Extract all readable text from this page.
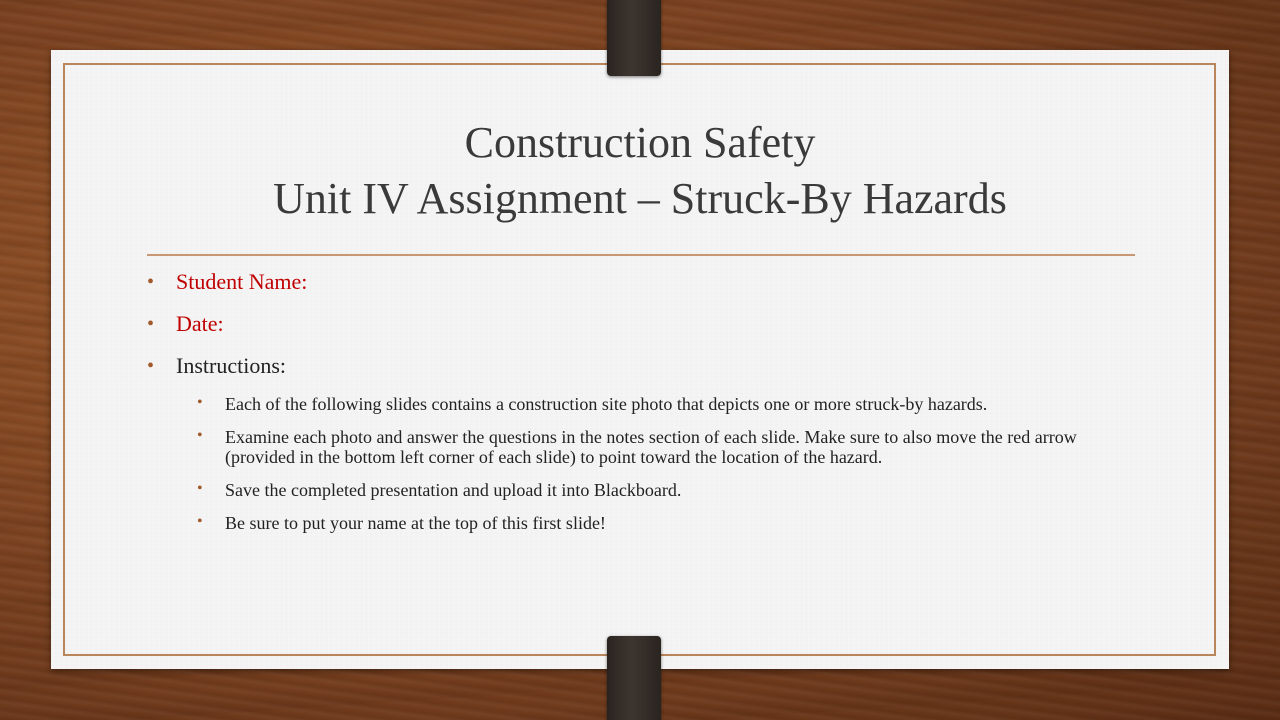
Construction Safety
Unit IV Assignment – Struck-By Hazards
• Student Name:
• Date:
• Instructions:
• Each of the following slides contains a construction site photo that depicts one or more struck-by hazards.
• Examine each photo and answer the questions in the notes section of each slide. Make sure to also move the red arrow (provided in the bottom left corner of each slide) to point toward the location of the hazard.
• Save the completed presentation and upload it into Blackboard.
• Be sure to put your name at the top of this first slide!
